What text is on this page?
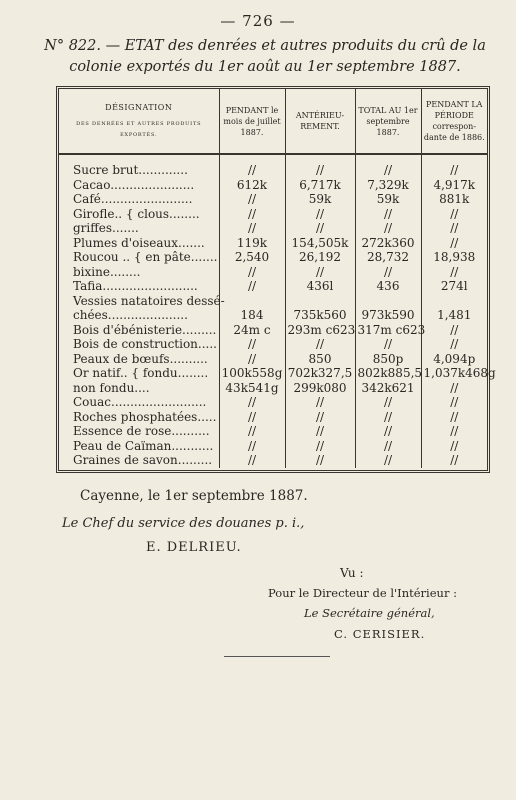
— 726 —
N° 822. — ETAT des denrées et autres produits du crû de la
colonie exportés du 1er août au 1er septembre 1887.
DÉSIGNATION
DES DENRÉES ET AUTRES PRODUITS EXPORTÉS.	PENDANT le mois de juillet 1887.	ANTÉRIEU-REMENT.	TOTAL AU 1er septembre 1887.	PENDANT LA PÉRIODE correspon-dante de 1886.
Sucre brut.............	//	//	//	//
Cacao......................	612k	6,717k	7,329k	4,917k
Café........................	//	59k	59k	881k
Girofle.. { clous........	//	//	//	//
griffes.......	//	//	//	//
Plumes d'oiseaux.......	119k	154,505k	272k360	//
Roucou .. { en pâte.......	2,540	26,192	28,732	18,938
bixine........	//	//	//	//
Tafia.........................	//	436l	436	274l
Vessies natatoires dessé-				
chées.....................	184	735k560	973k590	1,481
Bois d'ébénisterie.........	24m c	293m c623	317m c623	//
Bois de construction.....	//	//	//	//
Peaux de bœufs..........	//	850	850p	4,094p
Or natif.. { fondu........	100k558g	702k327,5	802k885,5	1,037k468g
non fondu....	43k541g	299k080	342k621	//
Couac.........................	//	//	//	//
Roches phosphatées.....	//	//	//	//
Essence de rose..........	//	//	//	//
Peau de Caïman...........	//	//	//	//
Graines de savon.........	//	//	//	//
Cayenne, le 1er septembre 1887.
Le Chef du service des douanes p. i.,
E. DELRIEU.
Vu :
Pour le Directeur de l'Intérieur :
Le Secrétaire général,
C. CERISIER.
